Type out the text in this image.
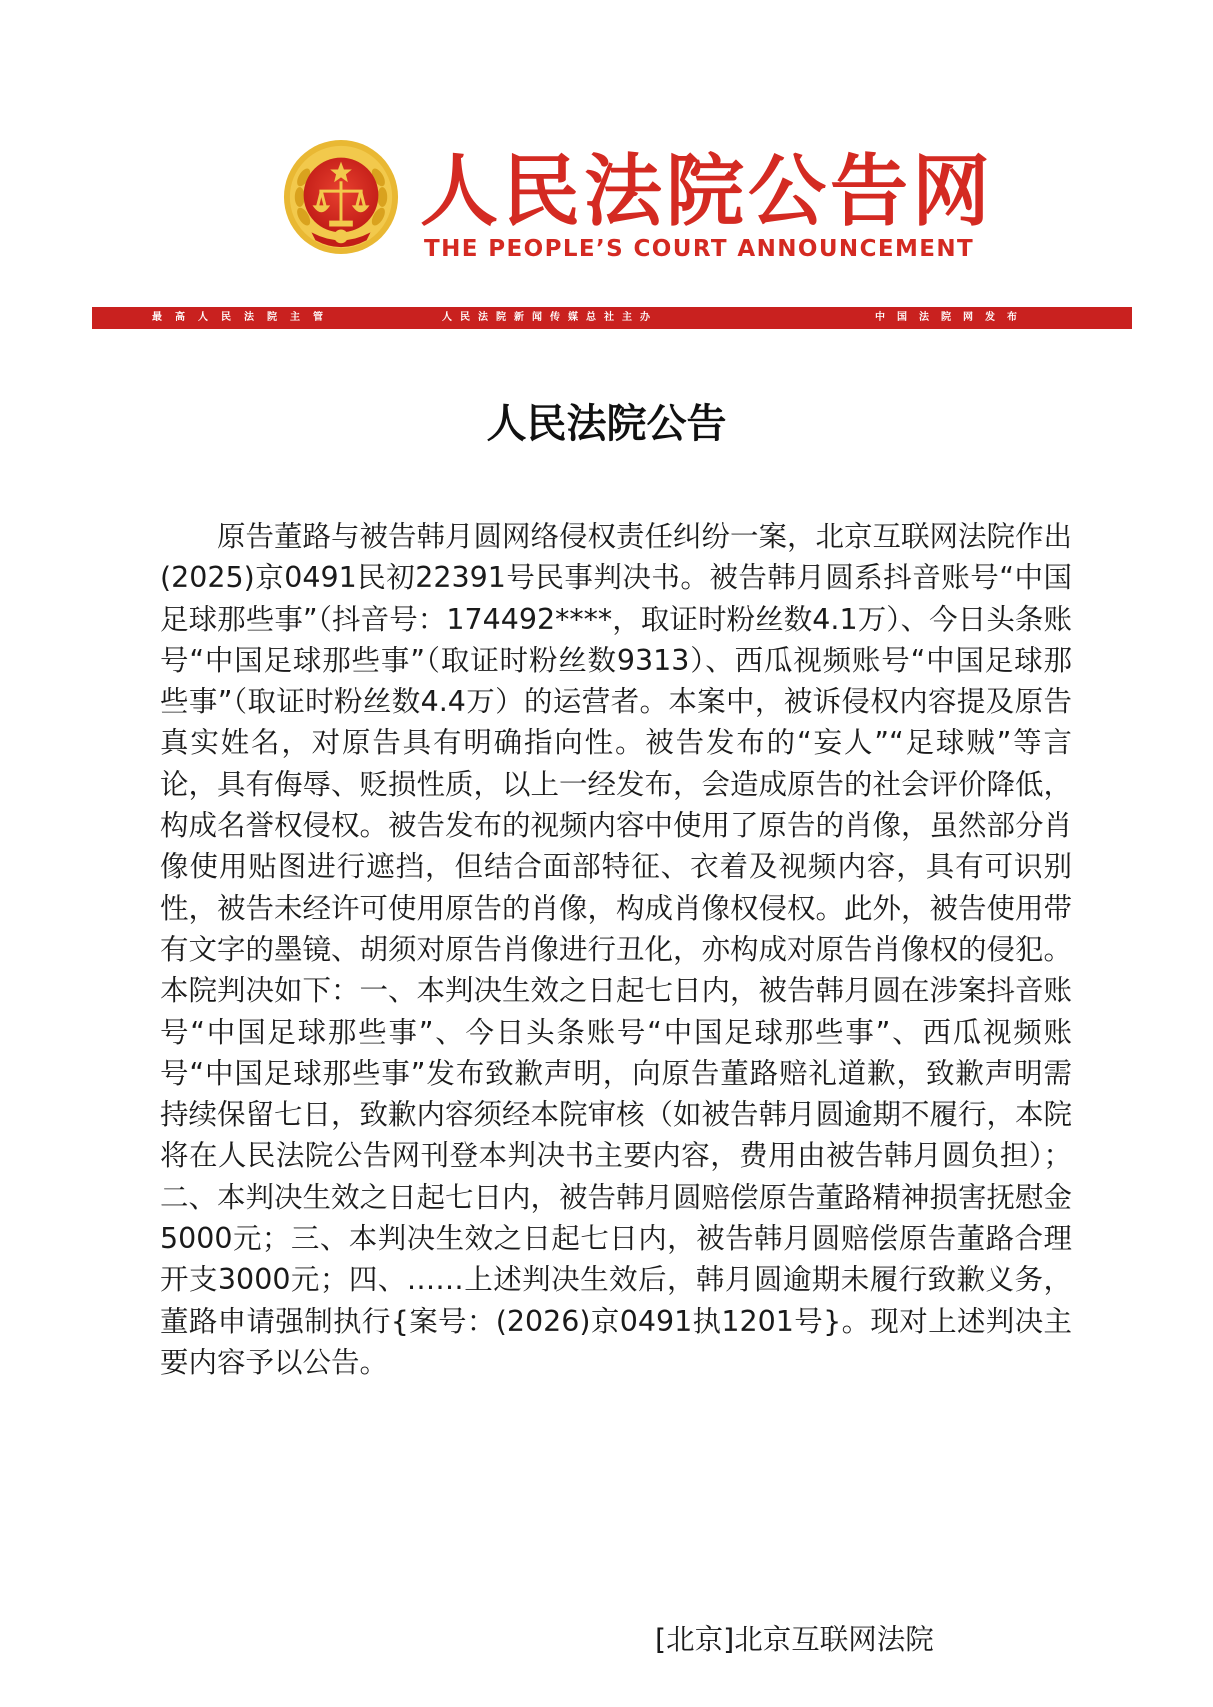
人民法院公告网

THE PEOPLE’S COURT ANNOUNCEMENT

最高人民法院主管	人民法院新闻传媒总社主办	中国法院网发布
人民法院公告

原告董路与被告韩月圆网络侵权责任纠纷一案，北京互联网法院作出(2025)京0491民初22391号民事判决书。被告韩月圆系抖音账号“中国足球那些事”（抖音号：174492****，取证时粉丝数4.1万）、今日头条账号“中国足球那些事”（取证时粉丝数9313）、西瓜视频账号“中国足球那些事”（取证时粉丝数4.4万）的运营者。本案中，被诉侵权内容提及原告真实姓名，对原告具有明确指向性。被告发布的“妄人”“足球贼”等言论，具有侮辱、贬损性质，以上一经发布，会造成原告的社会评价降低，构成名誉权侵权。被告发布的视频内容中使用了原告的肖像，虽然部分肖像使用贴图进行遮挡，但结合面部特征、衣着及视频内容，具有可识别性，被告未经许可使用原告的肖像，构成肖像权侵权。此外，被告使用带有文字的墨镜、胡须对原告肖像进行丑化，亦构成对原告肖像权的侵犯。本院判决如下：一、本判决生效之日起七日内，被告韩月圆在涉案抖音账号“中国足球那些事”、今日头条账号“中国足球那些事”、西瓜视频账号“中国足球那些事”发布致歉声明，向原告董路赔礼道歉，致歉声明需持续保留七日，致歉内容须经本院审核（如被告韩月圆逾期不履行，本院将在人民法院公告网刊登本判决书主要内容，费用由被告韩月圆负担）；二、本判决生效之日起七日内，被告韩月圆赔偿原告董路精神损害抚慰金5000元；三、本判决生效之日起七日内，被告韩月圆赔偿原告董路合理开支3000元；四、……上述判决生效后，韩月圆逾期未履行致歉义务，董路申请强制执行{案号：(2026)京0491执1201号}。现对上述判决主要内容予以公告。

[北京]北京互联网法院
